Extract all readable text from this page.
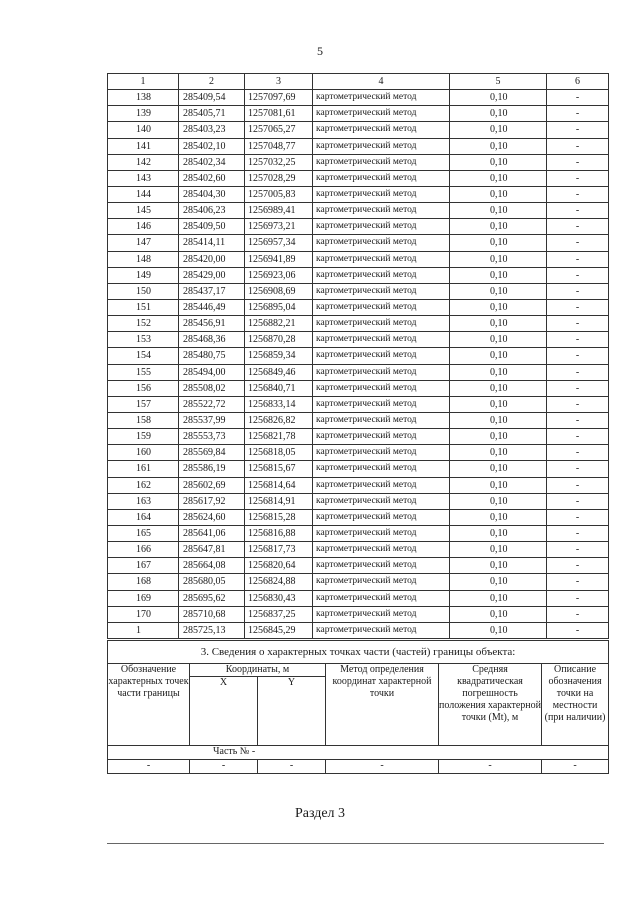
5
1	2	3	4	5	6
138	285409,54	1257097,69	картометрический метод	0,10	-
139	285405,71	1257081,61	картометрический метод	0,10	-
140	285403,23	1257065,27	картометрический метод	0,10	-
141	285402,10	1257048,77	картометрический метод	0,10	-
142	285402,34	1257032,25	картометрический метод	0,10	-
143	285402,60	1257028,29	картометрический метод	0,10	-
144	285404,30	1257005,83	картометрический метод	0,10	-
145	285406,23	1256989,41	картометрический метод	0,10	-
146	285409,50	1256973,21	картометрический метод	0,10	-
147	285414,11	1256957,34	картометрический метод	0,10	-
148	285420,00	1256941,89	картометрический метод	0,10	-
149	285429,00	1256923,06	картометрический метод	0,10	-
150	285437,17	1256908,69	картометрический метод	0,10	-
151	285446,49	1256895,04	картометрический метод	0,10	-
152	285456,91	1256882,21	картометрический метод	0,10	-
153	285468,36	1256870,28	картометрический метод	0,10	-
154	285480,75	1256859,34	картометрический метод	0,10	-
155	285494,00	1256849,46	картометрический метод	0,10	-
156	285508,02	1256840,71	картометрический метод	0,10	-
157	285522,72	1256833,14	картометрический метод	0,10	-
158	285537,99	1256826,82	картометрический метод	0,10	-
159	285553,73	1256821,78	картометрический метод	0,10	-
160	285569,84	1256818,05	картометрический метод	0,10	-
161	285586,19	1256815,67	картометрический метод	0,10	-
162	285602,69	1256814,64	картометрический метод	0,10	-
163	285617,92	1256814,91	картометрический метод	0,10	-
164	285624,60	1256815,28	картометрический метод	0,10	-
165	285641,06	1256816,88	картометрический метод	0,10	-
166	285647,81	1256817,73	картометрический метод	0,10	-
167	285664,08	1256820,64	картометрический метод	0,10	-
168	285680,05	1256824,88	картометрический метод	0,10	-
169	285695,62	1256830,43	картометрический метод	0,10	-
170	285710,68	1256837,25	картометрический метод	0,10	-
1	285725,13	1256845,29	картометрический метод	0,10	-
3. Сведения о характерных точках части (частей) границы объекта:					
Обозначение характерных точек части границы	Координаты, м		Метод определения координат характерной точки	Средняя квадратическая погрешность положения характерной точки (Mt), м	Описание обозначения точки на местности (при наличии)
	X	Y			
Часть № -					
-	-	-	-	-	-
Раздел 3
